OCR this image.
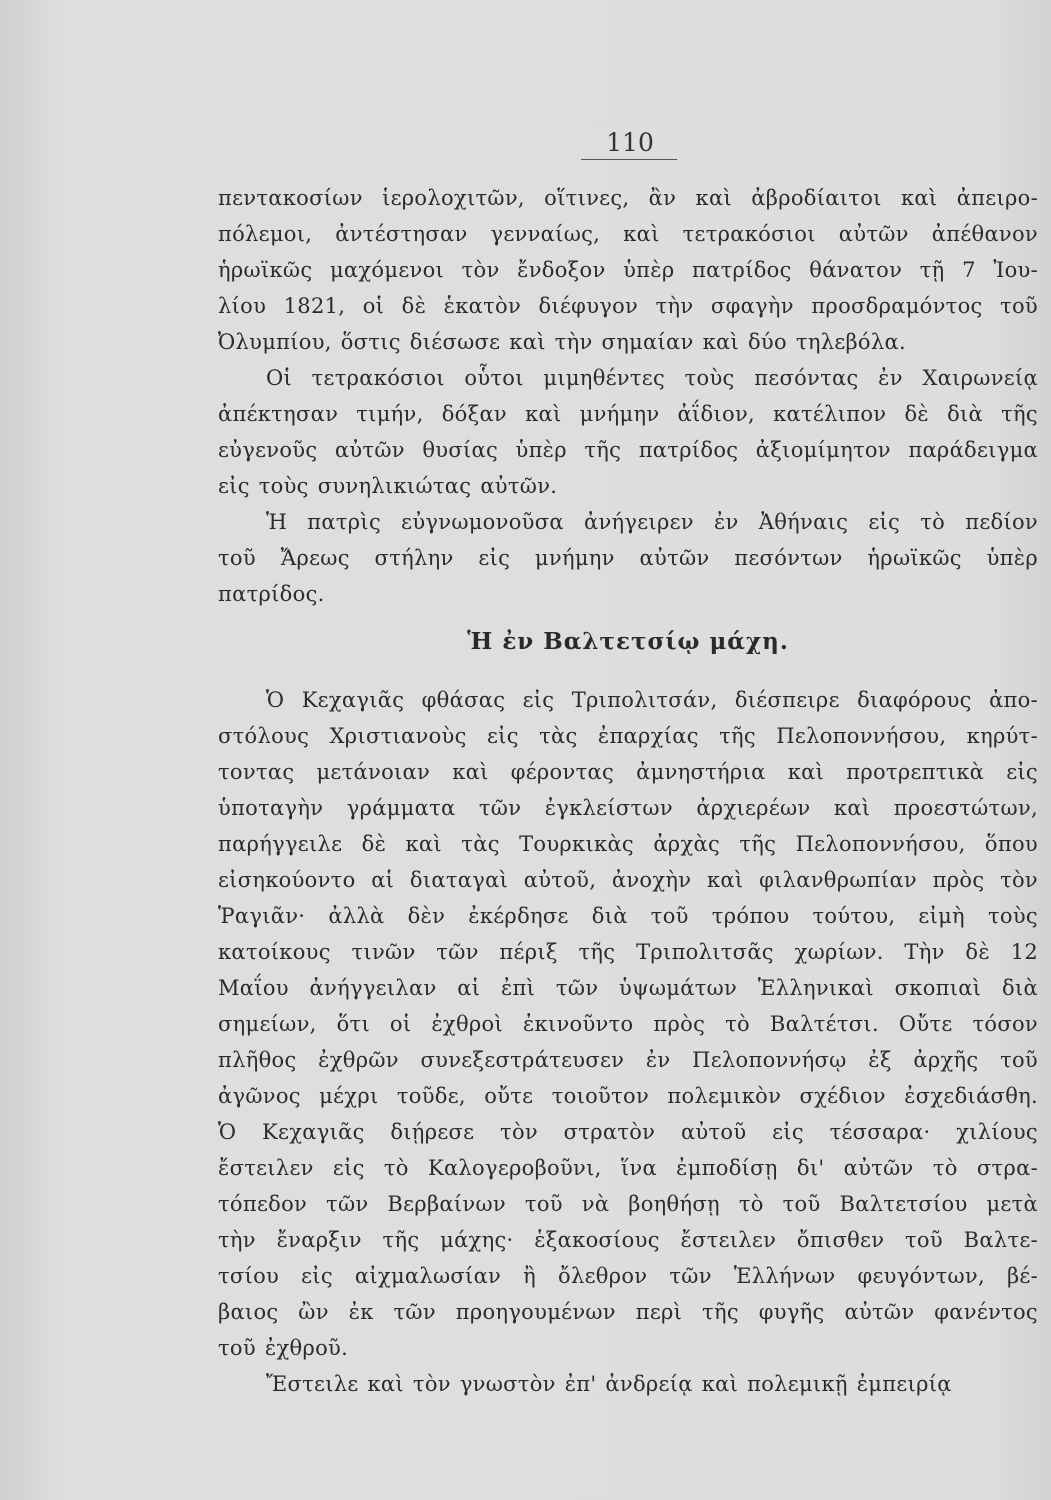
110
πεντακοσίων ἱερολοχιτῶν, οἵτινες, ἂν καὶ ἀβροδίαιτοι καὶ ἀπειρο-
πόλεμοι, ἀντέστησαν γενναίως, καὶ τετρακόσιοι αὐτῶν ἀπέθανον
ἡρωϊκῶς μαχόμενοι τὸν ἔνδοξον ὑπὲρ πατρίδος θάνατον τῇ 7 Ἰου-
λίου 1821, οἱ δὲ ἑκατὸν διέφυγον τὴν σφαγὴν προσδραμόντος τοῦ
Ὀλυμπίου, ὅστις διέσωσε καὶ τὴν σημαίαν καὶ δύο τηλεβόλα.
Οἱ τετρακόσιοι οὗτοι μιμηθέντες τοὺς πεσόντας ἐν Χαιρωνείᾳ
ἀπέκτησαν τιμήν, δόξαν καὶ μνήμην ἀΐδιον, κατέλιπον δὲ διὰ τῆς
εὐγενοῦς αὐτῶν θυσίας ὑπὲρ τῆς πατρίδος ἀξιομίμητον παράδειγμα
εἰς τοὺς συνηλικιώτας αὐτῶν.
Ἡ πατρὶς εὐγνωμονοῦσα ἀνήγειρεν ἐν Ἀθήναις εἰς τὸ πεδίον
τοῦ Ἄρεως στήλην εἰς μνήμην αὐτῶν πεσόντων ἡρωϊκῶς ὑπὲρ
πατρίδος.
Ἡ ἐν Βαλτετσίῳ μάχη.
Ὁ Κεχαγιᾶς φθάσας εἰς Τριπολιτσάν, διέσπειρε διαφόρους ἀπο-
στόλους Χριστιανοὺς εἰς τὰς ἐπαρχίας τῆς Πελοποννήσου, κηρύτ-
τοντας μετάνοιαν καὶ φέροντας ἀμνηστήρια καὶ προτρεπτικὰ εἰς
ὑποταγὴν γράμματα τῶν ἐγκλείστων ἀρχιερέων καὶ προεστώτων,
παρήγγειλε δὲ καὶ τὰς Τουρκικὰς ἀρχὰς τῆς Πελοποννήσου, ὅπου
εἰσηκούοντο αἱ διαταγαὶ αὐτοῦ, ἀνοχὴν καὶ φιλανθρωπίαν πρὸς τὸν
Ῥαγιᾶν· ἀλλὰ δὲν ἐκέρδησε διὰ τοῦ τρόπου τούτου, εἰμὴ τοὺς
κατοίκους τινῶν τῶν πέριξ τῆς Τριπολιτσᾶς χωρίων. Τὴν δὲ 12
Μαΐου ἀνήγγειλαν αἱ ἐπὶ τῶν ὑψωμάτων Ἑλληνικαὶ σκοπιαὶ διὰ
σημείων, ὅτι οἱ ἐχθροὶ ἐκινοῦντο πρὸς τὸ Βαλτέτσι. Οὔτε τόσον
πλῆθος ἐχθρῶν συνεξεστράτευσεν ἐν Πελοποννήσῳ ἐξ ἀρχῆς τοῦ
ἀγῶνος μέχρι τοῦδε, οὔτε τοιοῦτον πολεμικὸν σχέδιον ἐσχεδιάσθη.
Ὁ Κεχαγιᾶς διῄρεσε τὸν στρατὸν αὐτοῦ εἰς τέσσαρα· χιλίους
ἔστειλεν εἰς τὸ Καλογεροβοῦνι, ἵνα ἐμποδίσῃ δι' αὐτῶν τὸ στρα-
τόπεδον τῶν Βερβαίνων τοῦ νὰ βοηθήσῃ τὸ τοῦ Βαλτετσίου μετὰ
τὴν ἔναρξιν τῆς μάχης· ἑξακοσίους ἔστειλεν ὄπισθεν τοῦ Βαλτε-
τσίου εἰς αἰχμαλωσίαν ἢ ὄλεθρον τῶν Ἑλλήνων φευγόντων, βέ-
βαιος ὢν ἐκ τῶν προηγουμένων περὶ τῆς φυγῆς αὐτῶν φανέντος
τοῦ ἐχθροῦ.
Ἔστειλε καὶ τὸν γνωστὸν ἐπ' ἀνδρείᾳ καὶ πολεμικῇ ἐμπειρίᾳ
